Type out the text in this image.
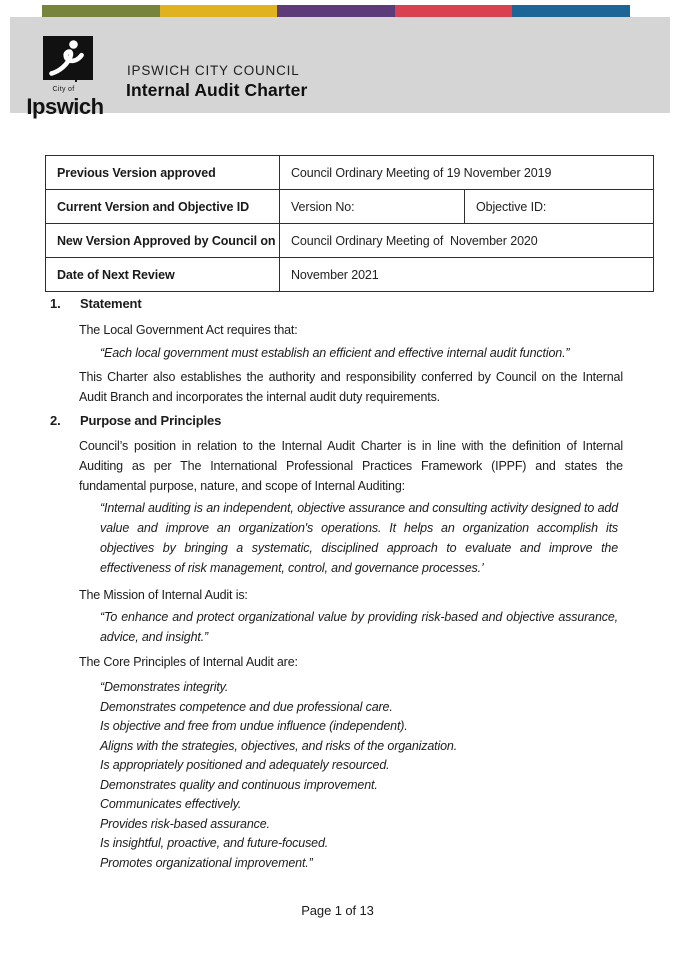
City of
Ipswich
IPSWICH CITY COUNCIL
Internal Audit Charter
Previous Version approved	Council Ordinary Meeting of 19 November 2019
Current Version and Objective ID	Version No:	Objective ID:
New Version Approved by Council on	Council Ordinary Meeting of  November 2020
Date of Next Review	November 2021
1.	Statement
The Local Government Act requires that:
“Each local government must establish an efficient and effective internal audit function.”
This Charter also establishes the authority and responsibility conferred by Council on the Internal Audit Branch and incorporates the internal audit duty requirements.
2.	Purpose and Principles
Council’s position in relation to the Internal Audit Charter is in line with the definition of Internal Auditing as per The International Professional Practices Framework (IPPF) and states the fundamental purpose, nature, and scope of Internal Auditing:
“Internal auditing is an independent, objective assurance and consulting activity designed to add value and improve an organization's operations. It helps an organization accomplish its objectives by bringing a systematic, disciplined approach to evaluate and improve the effectiveness of risk management, control, and governance processes.’
The Mission of Internal Audit is:
“To enhance and protect organizational value by providing risk-based and objective assurance, advice, and insight.”
The Core Principles of Internal Audit are:
“Demonstrates integrity.
Demonstrates competence and due professional care.
Is objective and free from undue influence (independent).
Aligns with the strategies, objectives, and risks of the organization.
Is appropriately positioned and adequately resourced.
Demonstrates quality and continuous improvement.
Communicates effectively.
Provides risk-based assurance.
Is insightful, proactive, and future-focused.
Promotes organizational improvement.”
Page 1 of 13
